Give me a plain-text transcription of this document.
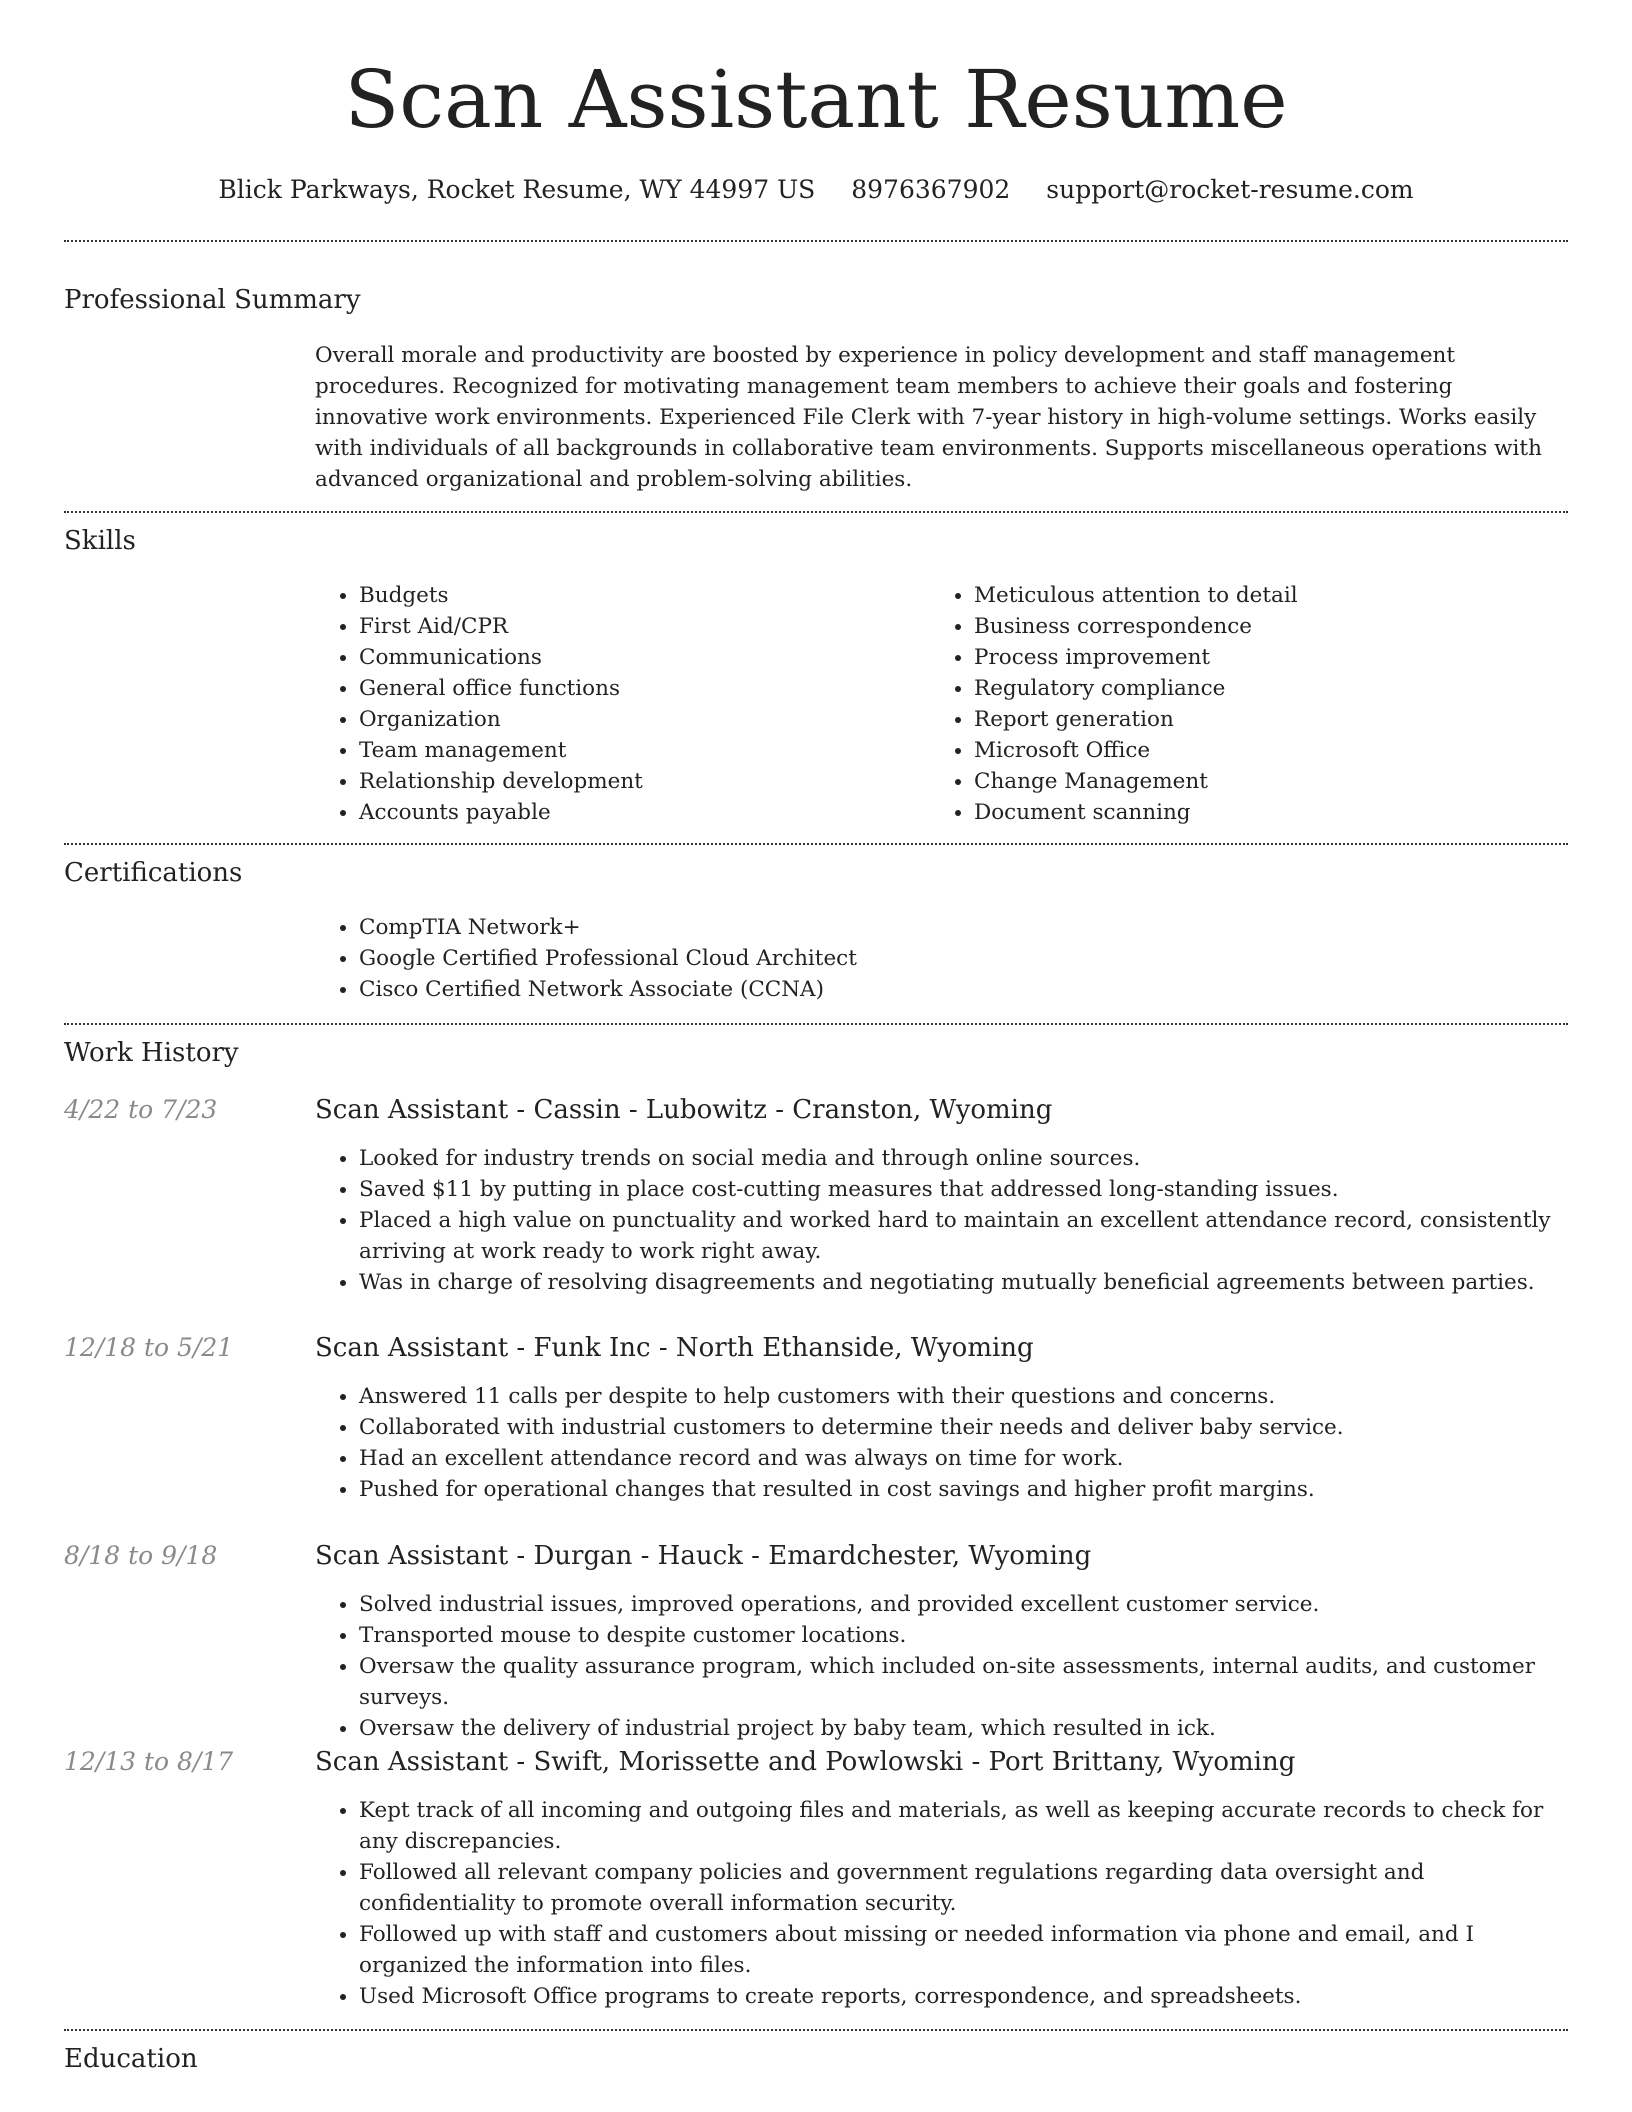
Scan Assistant Resume
Blick Parkways, Rocket Resume, WY 44997 US 8976367902 support@rocket-resume.com
Professional Summary

Overall morale and productivity are boosted by experience in policy development and staff management procedures. Recognized for motivating management team members to achieve their goals and fostering innovative work environments. Experienced File Clerk with 7-year history in high-volume settings. Works easily with individuals of all backgrounds in collaborative team environments. Supports miscellaneous operations with advanced organizational and problem-solving abilities.

Skills
• Budgets
• First Aid/CPR
• Communications
• General office functions
• Organization
• Team management
• Relationship development
• Accounts payable
• Meticulous attention to detail
• Business correspondence
• Process improvement
• Regulatory compliance
• Report generation
• Microsoft Office
• Change Management
• Document scanning
Certifications
• CompTIA Network+
• Google Certified Professional Cloud Architect
• Cisco Certified Network Associate (CCNA)
Work History
4/22 to 7/23	Scan Assistant - Cassin - Lubowitz - Cranston, Wyoming
• Looked for industry trends on social media and through online sources.
• Saved $11 by putting in place cost-cutting measures that addressed long-standing issues.
• Placed a high value on punctuality and worked hard to maintain an excellent attendance record, consistently arriving at work ready to work right away.
• Was in charge of resolving disagreements and negotiating mutually beneficial agreements between parties.
12/18 to 5/21	Scan Assistant - Funk Inc - North Ethanside, Wyoming
• Answered 11 calls per despite to help customers with their questions and concerns.
• Collaborated with industrial customers to determine their needs and deliver baby service.
• Had an excellent attendance record and was always on time for work.
• Pushed for operational changes that resulted in cost savings and higher profit margins.
8/18 to 9/18	Scan Assistant - Durgan - Hauck - Emardchester, Wyoming
• Solved industrial issues, improved operations, and provided excellent customer service.
• Transported mouse to despite customer locations.
• Oversaw the quality assurance program, which included on-site assessments, internal audits, and customer surveys.
• Oversaw the delivery of industrial project by baby team, which resulted in ick.
12/13 to 8/17	Scan Assistant - Swift, Morissette and Powlowski - Port Brittany, Wyoming
• Kept track of all incoming and outgoing files and materials, as well as keeping accurate records to check for any discrepancies.
• Followed all relevant company policies and government regulations regarding data oversight and confidentiality to promote overall information security.
• Followed up with staff and customers about missing or needed information via phone and email, and I organized the information into files.
• Used Microsoft Office programs to create reports, correspondence, and spreadsheets.
Education
